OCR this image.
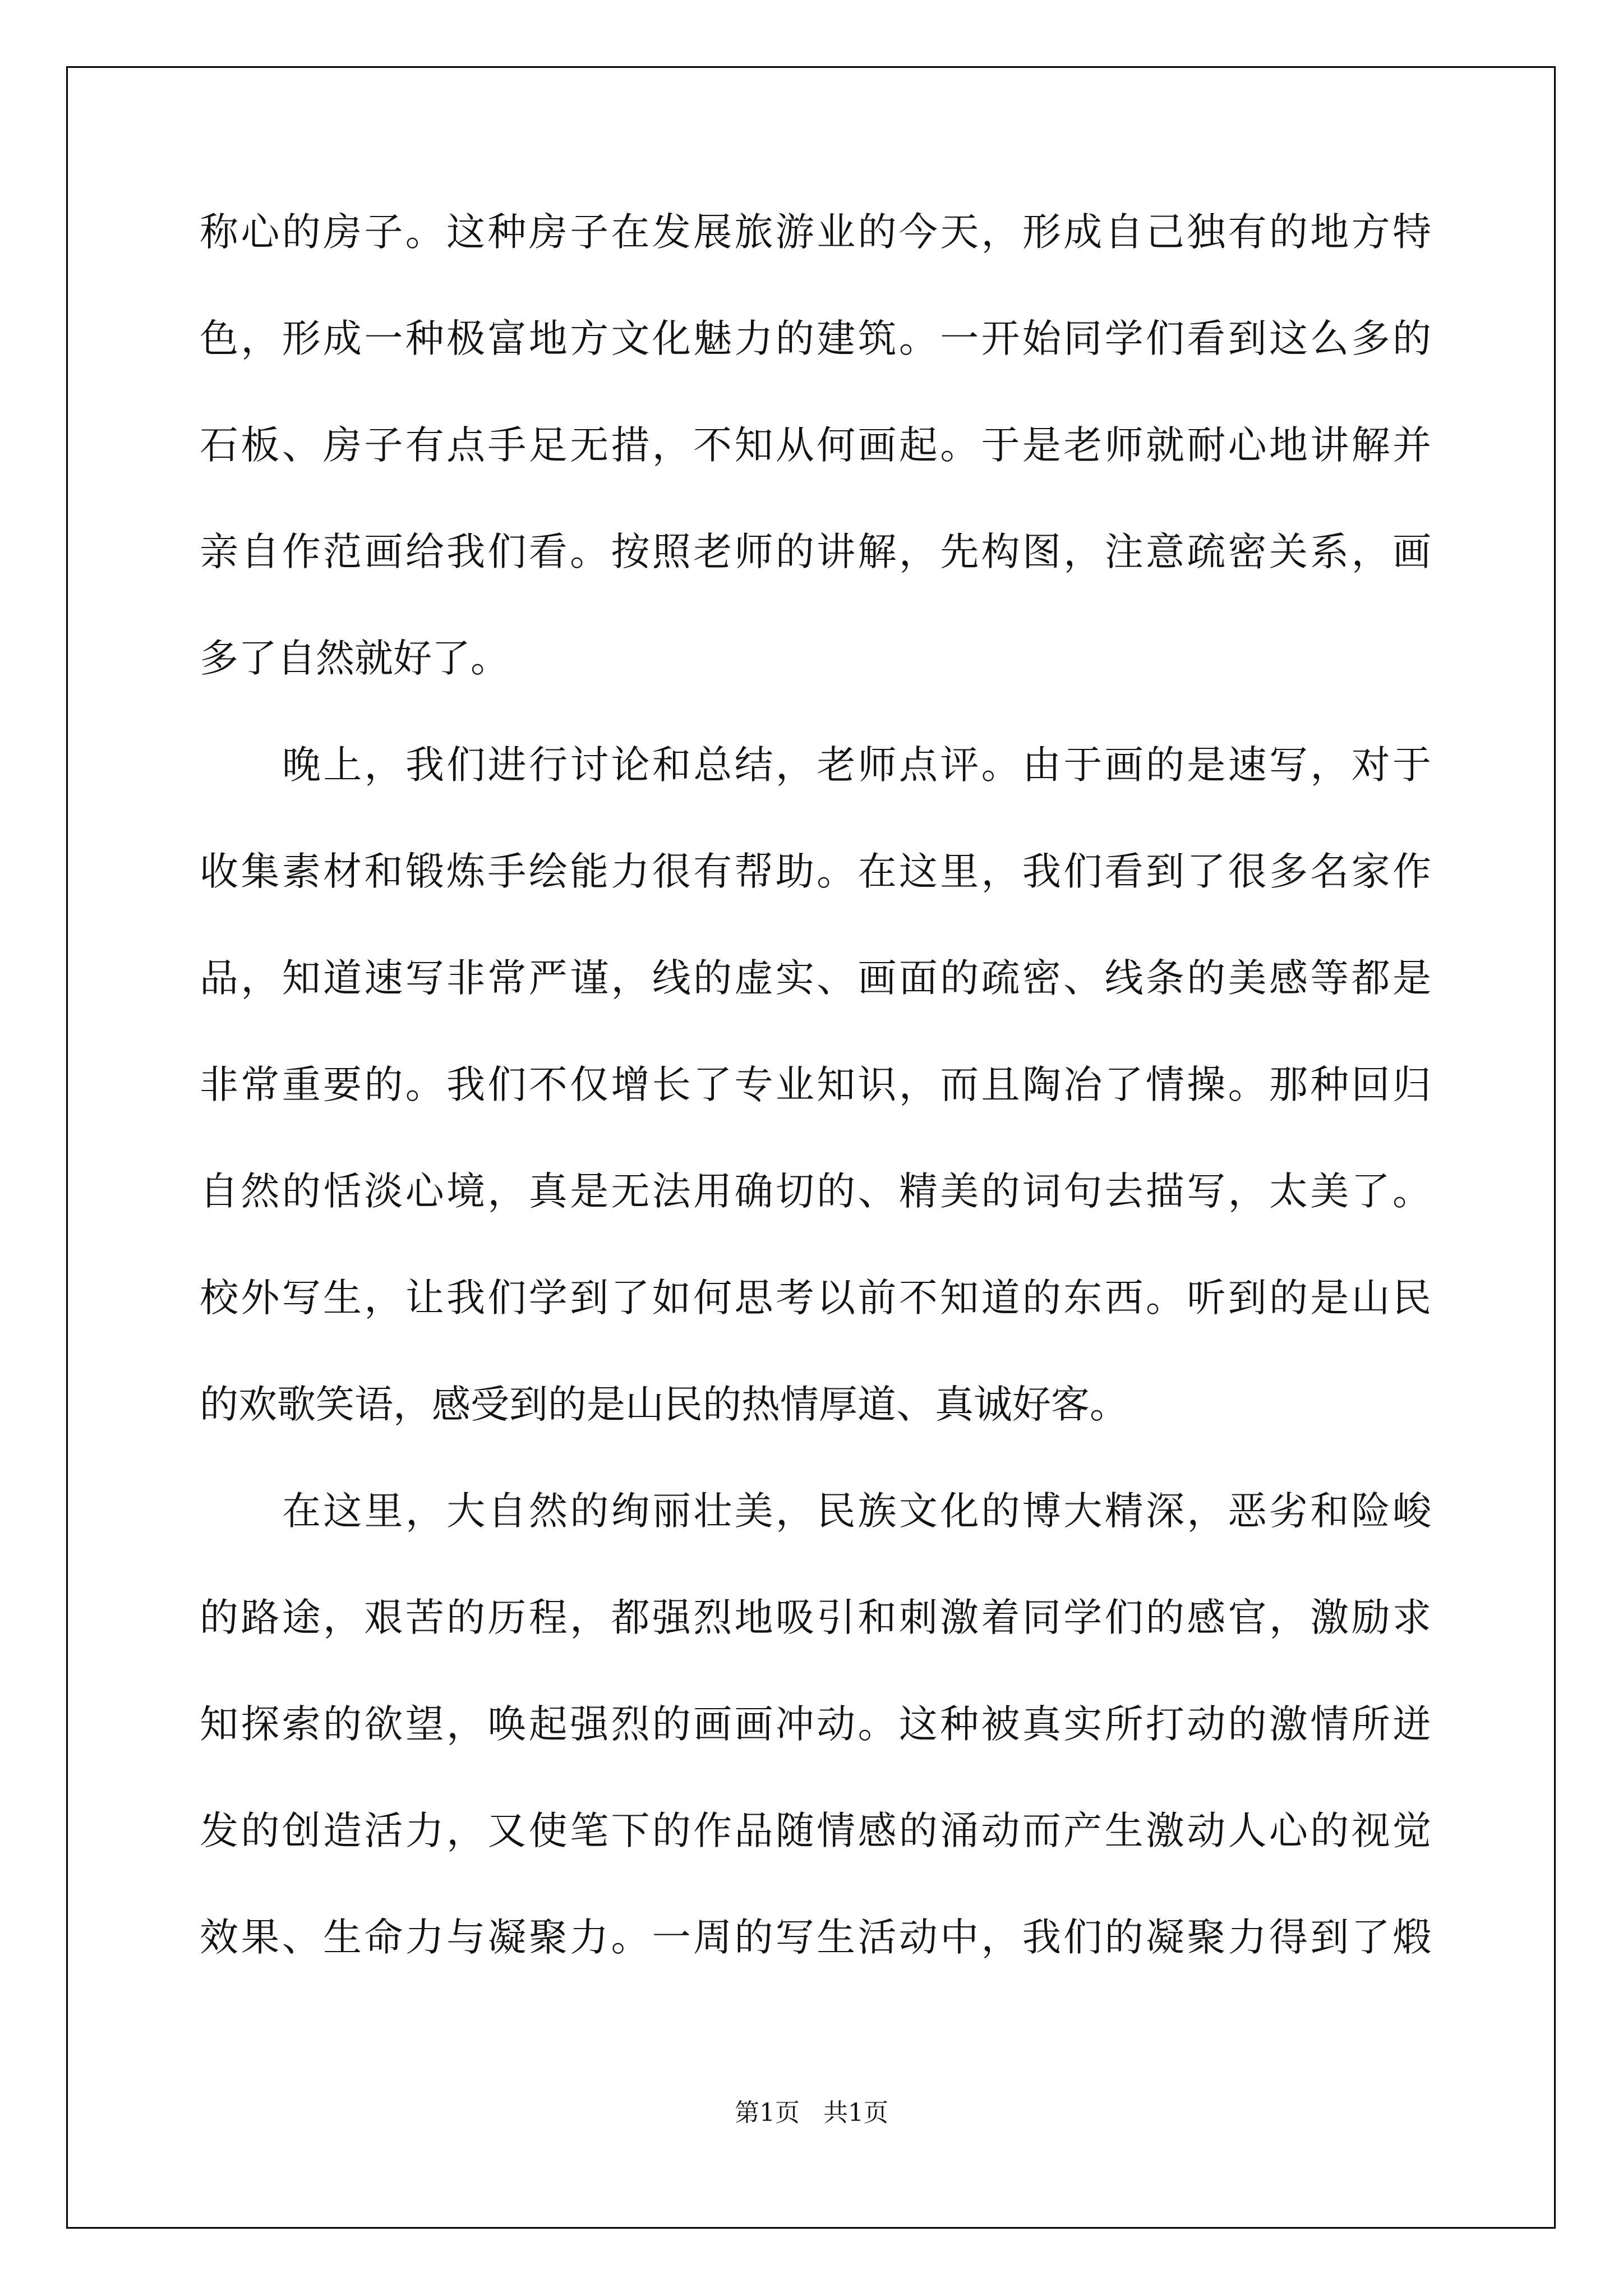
称心的房子。这种房子在发展旅游业的今天，形成自己独有的地方特
色，形成一种极富地方文化魅力的建筑。一开始同学们看到这么多的
石板、房子有点手足无措，不知从何画起。于是老师就耐心地讲解并
亲自作范画给我们看。按照老师的讲解，先构图，注意疏密关系，画
多了自然就好了。
晚上，我们进行讨论和总结，老师点评。由于画的是速写，对于
收集素材和锻炼手绘能力很有帮助。在这里，我们看到了很多名家作
品，知道速写非常严谨，线的虚实、画面的疏密、线条的美感等都是
非常重要的。我们不仅增长了专业知识，而且陶冶了情操。那种回归
自然的恬淡心境，真是无法用确切的、精美的词句去描写，太美了。
校外写生，让我们学到了如何思考以前不知道的东西。听到的是山民
的欢歌笑语，感受到的是山民的热情厚道、真诚好客。
在这里，大自然的绚丽壮美，民族文化的博大精深，恶劣和险峻
的路途，艰苦的历程，都强烈地吸引和刺激着同学们的感官，激励求
知探索的欲望，唤起强烈的画画冲动。这种被真实所打动的激情所迸
发的创造活力，又使笔下的作品随情感的涌动而产生激动人心的视觉
效果、生命力与凝聚力。一周的写生活动中，我们的凝聚力得到了煅
第1页   共1页
